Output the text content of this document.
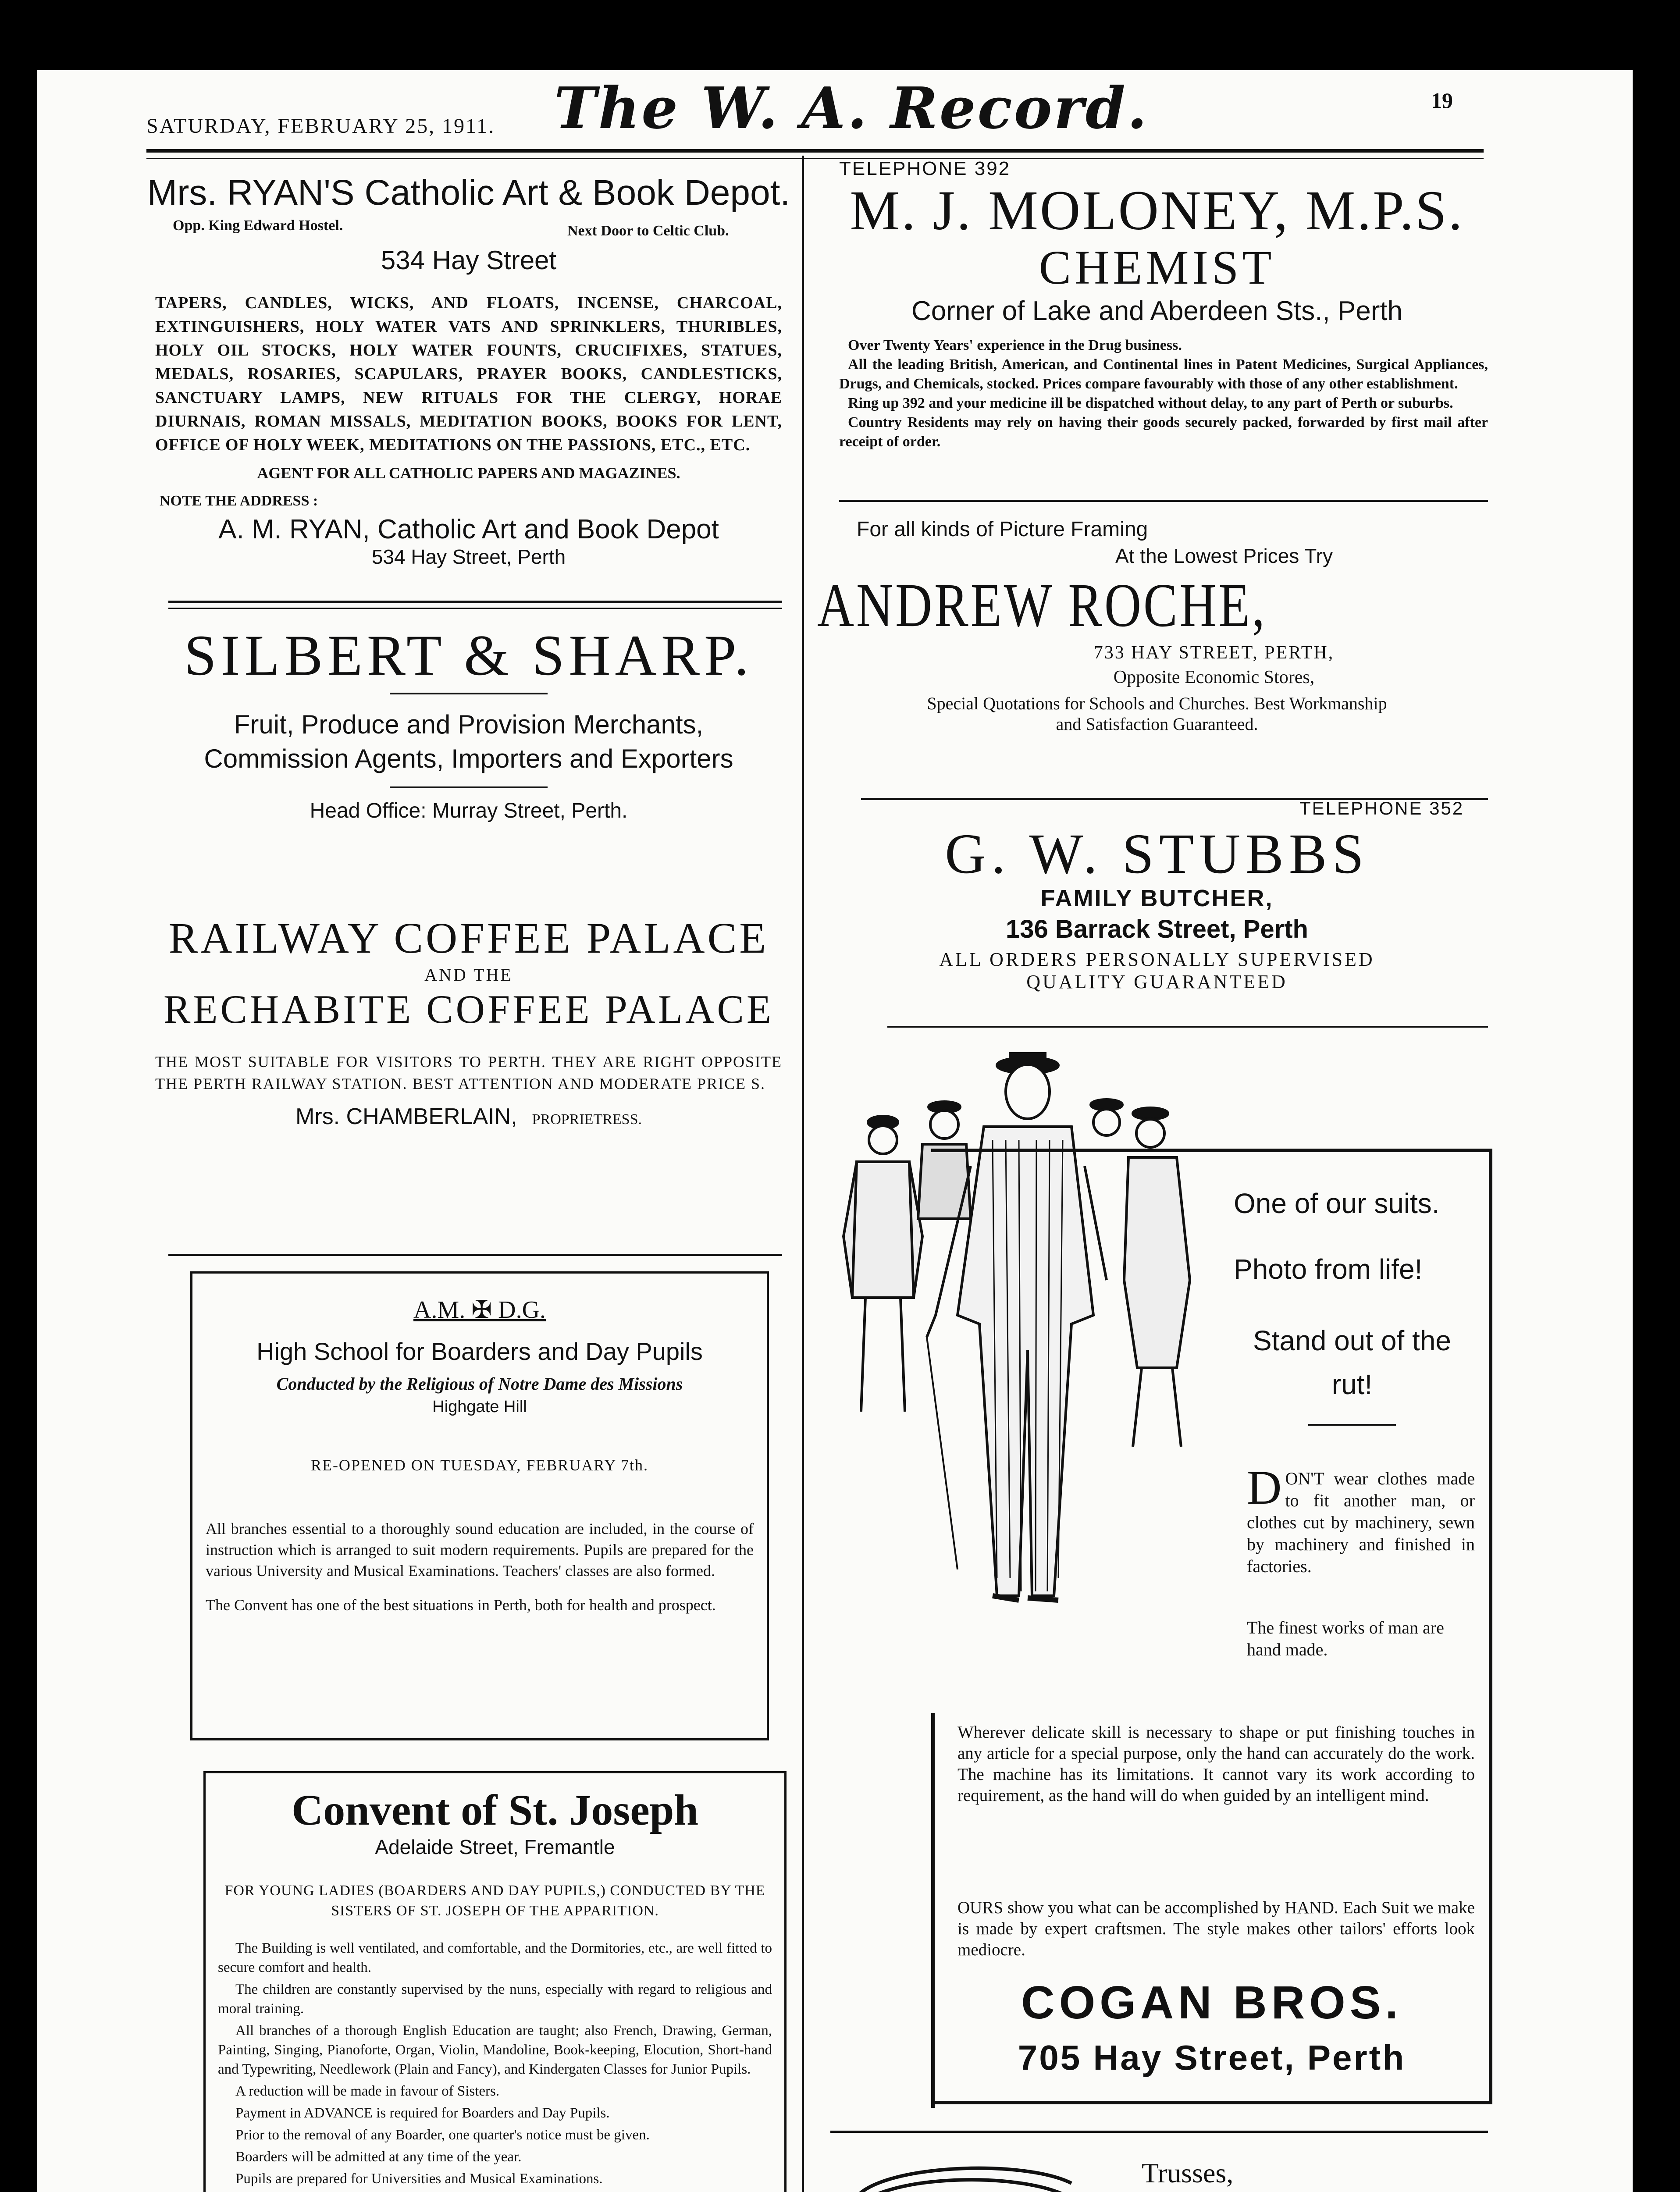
SATURDAY, FEBRUARY 25, 1911. The W. A. Record.	19
Mrs. RYAN'S Catholic Art & Book Depot.
Opp. King Edward Hostel.	Next Door to Celtic Club.
534 Hay Street

TAPERS, CANDLES, WICKS, AND FLOATS, INCENSE, CHARCOAL, EXTINGUISHERS, HOLY WATER VATS AND SPRINKLERS, THURIBLES, HOLY OIL STOCKS, HOLY WATER FOUNTS, CRUCIFIXES, STATUES, MEDALS, ROSARIES, SCAPULARS, PRAYER BOOKS, CANDLESTICKS, SANCTUARY LAMPS, NEW RITUALS FOR THE CLERGY, HORAE DIURNAIS, ROMAN MISSALS, MEDITATION BOOKS, BOOKS FOR LENT, OFFICE OF HOLY WEEK, MEDITATIONS ON THE PASSIONS, ETC., ETC.

AGENT FOR ALL CATHOLIC PAPERS AND MAGAZINES.
NOTE THE ADDRESS :
A. M. RYAN, Catholic Art and Book Depot
534 Hay Street, Perth
SILBERT & SHARP.
Fruit, Produce and Provision Merchants,
Commission Agents, Importers and Exporters
Head Office: Murray Street, Perth.
RAILWAY COFFEE PALACE
AND THE
RECHABITE COFFEE PALACE

THE MOST SUITABLE FOR VISITORS TO PERTH. THEY ARE RIGHT OPPOSITE THE PERTH RAILWAY STATION. BEST ATTENTION AND MODERATE PRICE S.

Mrs. CHAMBERLAIN, PROPRIETRESS.
A.M. ✠ D.G.
High School for Boarders and Day Pupils
Conducted by the Religious of Notre Dame des Missions
Highgate Hill
RE-OPENED ON TUESDAY, FEBRUARY 7th.

All branches essential to a thoroughly sound education are included, in the course of instruction which is arranged to suit modern requirements. Pupils are prepared for the various University and Musical Examinations. Teachers' classes are also formed.

The Convent has one of the best situations in Perth, both for health and prospect.

Convent of St. Joseph
Adelaide Street, Fremantle

FOR YOUNG LADIES (BOARDERS AND DAY PUPILS,) CONDUCTED BY THE SISTERS OF ST. JOSEPH OF THE APPARITION.

The Building is well ventilated, and comfortable, and the Dormitories, etc., are well fitted to secure comfort and health.

The children are constantly supervised by the nuns, especially with regard to religious and moral training.

All branches of a thorough English Education are taught; also French, Drawing, German, Painting, Singing, Pianoforte, Organ, Violin, Mandoline, Book-keeping, Elocution, Short-hand and Typewriting, Needlework (Plain and Fancy), and Kindergaten Classes for Junior Pupils.

A reduction will be made in favour of Sisters.

Payment in ADVANCE is required for Boarders and Day Pupils.

Prior to the removal of any Boarder, one quarter's notice must be given.

Boarders will be admitted at any time of the year.

Pupils are prepared for Universities and Musical Examinations.

TELEPHONE 392
M. J. MOLONEY, M.P.S.
CHEMIST
Corner of Lake and Aberdeen Sts., Perth

Over Twenty Years' experience in the Drug business.

All the leading British, American, and Continental lines in Patent Medicines, Surgical Appliances, Drugs, and Chemicals, stocked. Prices compare favourably with those of any other establishment.

Ring up 392 and your medicine ill be dispatched without delay, to any part of Perth or suburbs.

Country Residents may rely on having their goods securely packed, forwarded by first mail after receipt of order.

For all kinds of Picture Framing
At the Lowest Prices Try
ANDREW ROCHE,
733 HAY STREET, PERTH,
Opposite Economic Stores,
Special Quotations for Schools and Churches. Best Workmanship
and Satisfaction Guaranteed.
TELEPHONE 352
G. W. STUBBS
FAMILY BUTCHER,
136 Barrack Street, Perth
ALL ORDERS PERSONALLY SUPERVISED
QUALITY GUARANTEED
One of our suits.
Photo from life!
Stand out of the rut!
D ON'T wear clothes made to fit another man, or clothes cut by machinery, sewn by machinery and finished in factories.

The finest works of man are hand made.

Wherever delicate skill is necessary to shape or put finishing touches in any article for a special purpose, only the hand can accurately do the work. The machine has its limitations. It cannot vary its work according to requirement, as the hand will do when guided by an intelligent mind.

OURS show you what can be accomplished by HAND. Each Suit we make is made by expert craftsmen. The style makes other tailors' efforts look mediocre.

COGAN BROS.
705 Hay Street, Perth
Trusses,
